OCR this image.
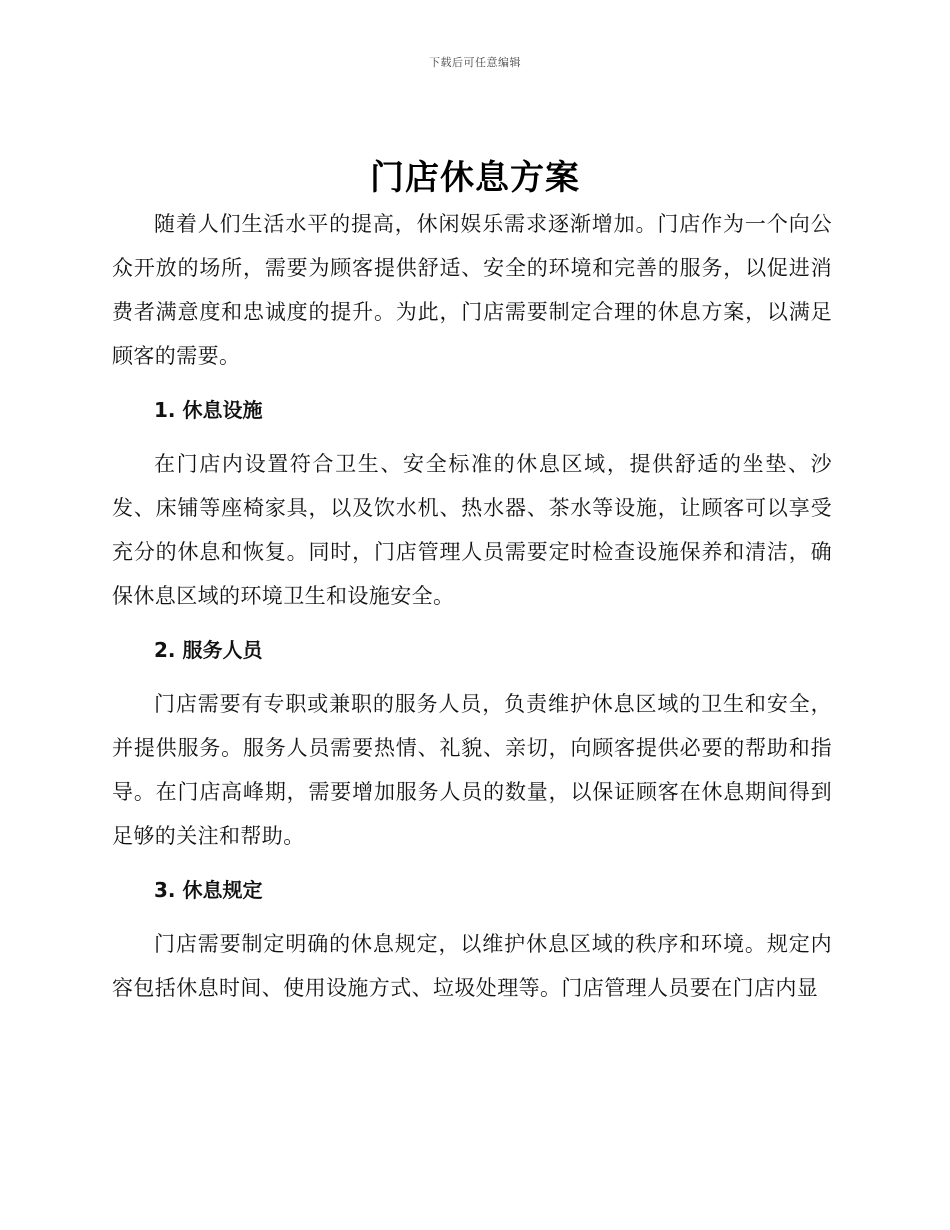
下载后可任意编辑
门店休息方案

随着人们生活水平的提高，休闲娱乐需求逐渐增加。门店作为一个向公众开放的场所，需要为顾客提供舒适、安全的环境和完善的服务，以促进消费者满意度和忠诚度的提升。为此，门店需要制定合理的休息方案，以满足顾客的需要。

1. 休息设施

在门店内设置符合卫生、安全标准的休息区域，提供舒适的坐垫、沙发、床铺等座椅家具，以及饮水机、热水器、茶水等设施，让顾客可以享受充分的休息和恢复。同时，门店管理人员需要定时检查设施保养和清洁，确保休息区域的环境卫生和设施安全。

2. 服务人员

门店需要有专职或兼职的服务人员，负责维护休息区域的卫生和安全，并提供服务。服务人员需要热情、礼貌、亲切，向顾客提供必要的帮助和指导。在门店高峰期，需要增加服务人员的数量，以保证顾客在休息期间得到足够的关注和帮助。

3. 休息规定

门店需要制定明确的休息规定，以维护休息区域的秩序和环境。规定内容包括休息时间、使用设施方式、垃圾处理等。门店管理人员要在门店内显
